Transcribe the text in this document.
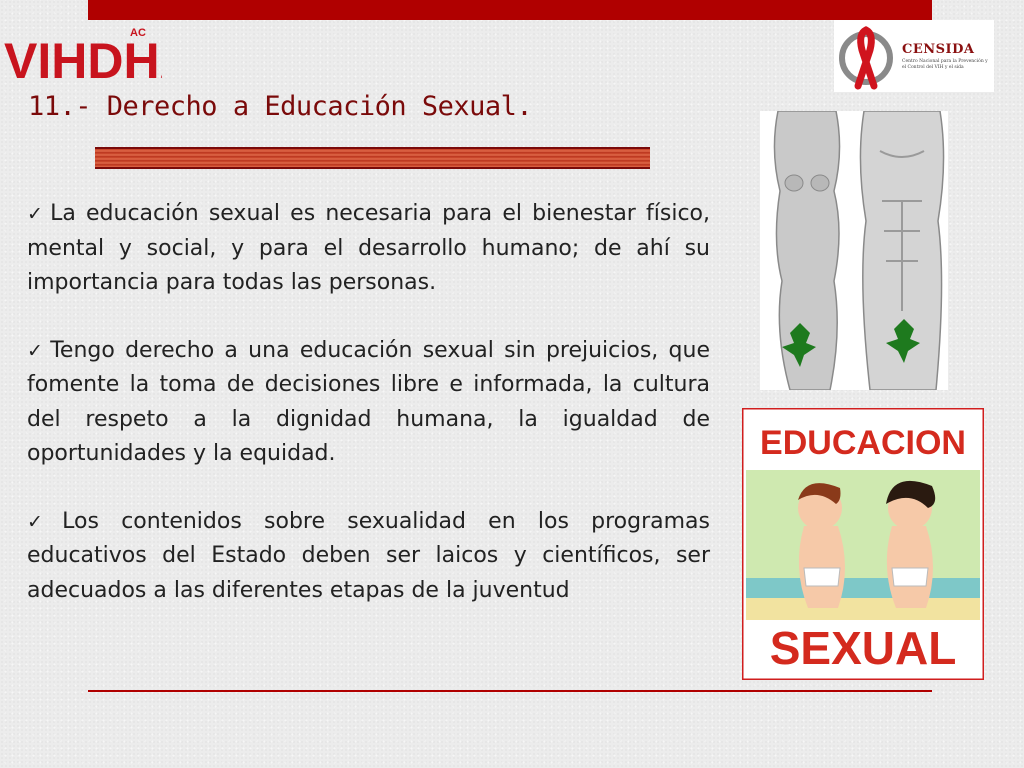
VIHDH
AC
CENSIDA
Centro Nacional para la Prevención y el Control del VIH y el sida
11.- Derecho a Educación Sexual.

✓ La educación sexual es necesaria para el bienestar físico, mental y social, y para el desarrollo humano; de ahí su importancia para todas las personas.

✓ Tengo derecho a una educación sexual sin prejuicios, que fomente la toma de decisiones libre e informada, la cultura del respeto a la dignidad humana, la igualdad de oportunidades y la equidad.

✓ Los contenidos sobre sexualidad en los programas educativos del Estado deben ser laicos y científicos, ser adecuados a las diferentes etapas de la juventud

EDUCACION
SEXUAL
